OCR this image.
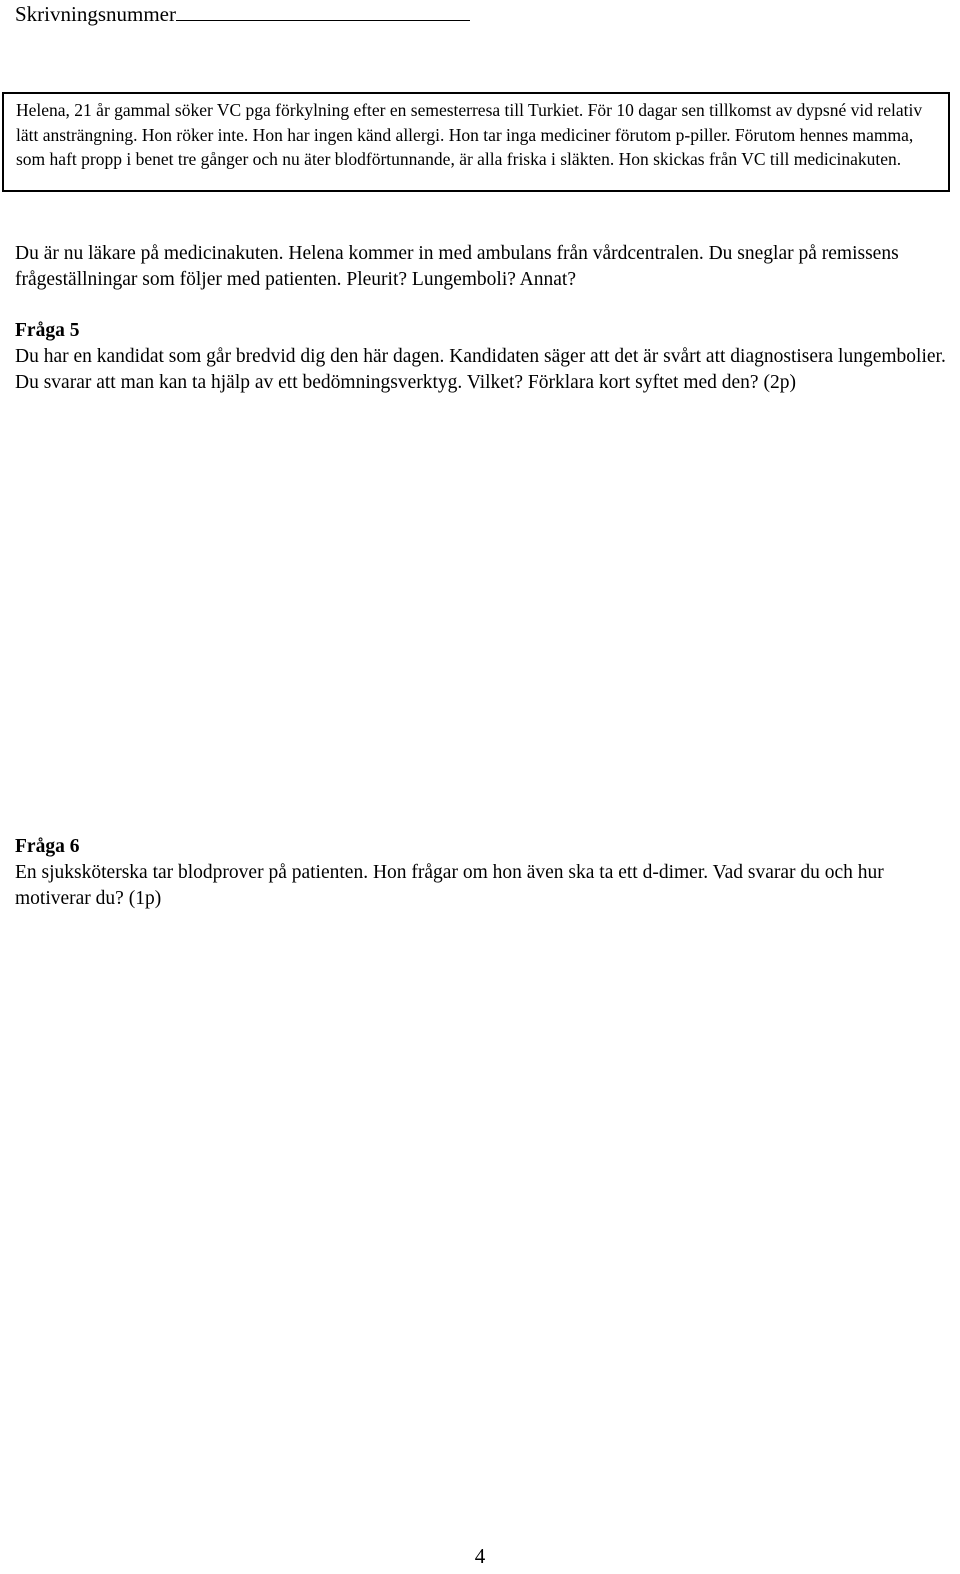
Skrivningsnummer
Helena, 21 år gammal söker VC pga förkylning efter en semesterresa till Turkiet. För 10 dagar sen tillkomst av dypsné vid relativ lätt ansträngning. Hon röker inte. Hon har ingen känd allergi. Hon tar inga mediciner förutom p-piller. Förutom hennes mamma, som haft propp i benet tre gånger och nu äter blodförtunnande, är alla friska i släkten. Hon skickas från VC till medicinakuten.
Du är nu läkare på medicinakuten. Helena kommer in med ambulans från vårdcentralen. Du sneglar på remissens frågeställningar som följer med patienten. Pleurit? Lungemboli? Annat?
Fråga 5
Du har en kandidat som går bredvid dig den här dagen. Kandidaten säger att det är svårt att diagnostisera lungembolier. Du svarar att man kan ta hjälp av ett bedömningsverktyg. Vilket? Förklara kort syftet med den? (2p)
Fråga 6
En sjuksköterska tar blodprover på patienten. Hon frågar om hon även ska ta ett d-dimer. Vad svarar du och hur motiverar du? (1p)
4
